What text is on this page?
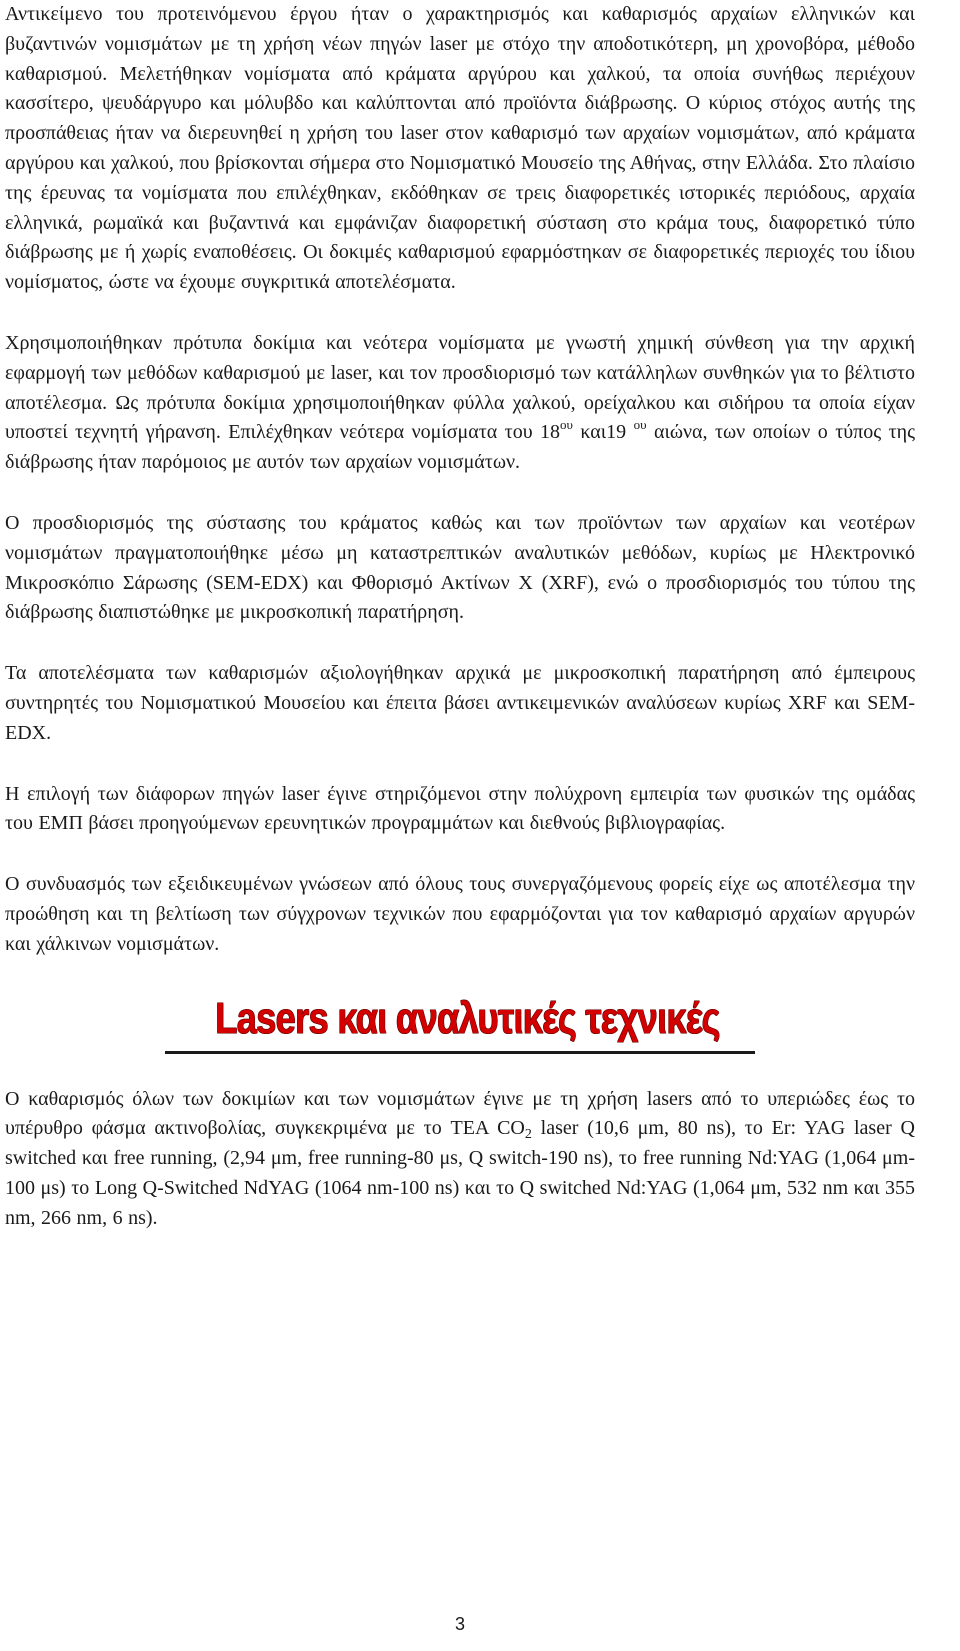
Αντικείμενο του προτεινόμενου έργου ήταν ο χαρακτηρισμός και καθαρισμός αρχαίων ελληνικών και βυζαντινών νομισμάτων με τη χρήση νέων πηγών laser με στόχο την αποδοτικότερη, μη χρονοβόρα, μέθοδο καθαρισμού. Μελετήθηκαν νομίσματα από κράματα αργύρου και χαλκού, τα οποία συνήθως περιέχουν κασσίτερο, ψευδάργυρο και μόλυβδο και καλύπτονται από προϊόντα διάβρωσης. Ο κύριος στόχος αυτής της προσπάθειας ήταν να διερευνηθεί η χρήση του laser στον καθαρισμό των αρχαίων νομισμάτων, από κράματα αργύρου και χαλκού, που βρίσκονται σήμερα στο Νομισματικό Μουσείο της Αθήνας, στην Ελλάδα. Στο πλαίσιο της έρευνας τα νομίσματα που επιλέχθηκαν, εκδόθηκαν σε τρεις διαφορετικές ιστορικές περιόδους, αρχαία ελληνικά, ρωμαϊκά και βυζαντινά και εμφάνιζαν διαφορετική σύσταση στο κράμα τους, διαφορετικό τύπο διάβρωσης με ή χωρίς εναποθέσεις. Οι δοκιμές καθαρισμού εφαρμόστηκαν σε διαφορετικές περιοχές του ίδιου νομίσματος, ώστε να έχουμε συγκριτικά αποτελέσματα.

Χρησιμοποιήθηκαν πρότυπα δοκίμια και νεότερα νομίσματα με γνωστή χημική σύνθεση για την αρχική εφαρμογή των μεθόδων καθαρισμού με laser, και τον προσδιορισμό των κατάλληλων συνθηκών για το βέλτιστο αποτέλεσμα. Ως πρότυπα δοκίμια χρησιμοποιήθηκαν φύλλα χαλκού, ορείχαλκου και σιδήρου τα οποία είχαν υποστεί τεχνητή γήρανση. Επιλέχθηκαν νεότερα νομίσματα του $18^{o\upsilon}$ και19 $^{o\upsilon}$ αιώνα, των οποίων ο τύπος της διάβρωσης ήταν παρόμοιος με αυτόν των αρχαίων νομισμάτων.

Ο προσδιορισμός της σύστασης του κράματος καθώς και των προϊόντων των αρχαίων και νεοτέρων νομισμάτων πραγματοποιήθηκε μέσω μη καταστρεπτικών αναλυτικών μεθόδων, κυρίως με Ηλεκτρονικό Μικροσκόπιο Σάρωσης (SEM-EDX) και Φθορισμό Ακτίνων Χ (XRF), ενώ ο προσδιορισμός του τύπου της διάβρωσης διαπιστώθηκε με μικροσκοπική παρατήρηση.

Τα αποτελέσματα των καθαρισμών αξιολογήθηκαν αρχικά με μικροσκοπική παρατήρηση από έμπειρους συντηρητές του Νομισματικού Μουσείου και έπειτα βάσει αντικειμενικών αναλύσεων κυρίως XRF και SEM-EDX.

Η επιλογή των διάφορων πηγών laser έγινε στηριζόμενοι στην πολύχρονη εμπειρία των φυσικών της ομάδας του ΕΜΠ βάσει προηγούμενων ερευνητικών προγραμμάτων και διεθνούς βιβλιογραφίας.

Ο συνδυασμός των εξειδικευμένων γνώσεων από όλους τους συνεργαζόμενους φορείς είχε ως αποτέλεσμα την προώθηση και τη βελτίωση των σύγχρονων τεχνικών που εφαρμόζονται για τον καθαρισμό αρχαίων αργυρών και χάλκινων νομισμάτων.

Lasers και αναλυτικές τεχνικές

Ο καθαρισμός όλων των δοκιμίων και των νομισμάτων έγινε με τη χρήση lasers από το υπεριώδες έως το υπέρυθρο φάσμα ακτινοβολίας, συγκεκριμένα με το TEA $CO_2$ laser (10,6 μm, 80 ns), το Er: YAG laser Q switched και free running, (2,94 μm, free running-80 μs, Q switch-190 ns), το free running Nd:YAG (1,064 μm-100 μs) το Long Q-Switched NdYAG (1064 nm-100 ns) και το Q switched Nd:YAG (1,064 μm, 532 nm και 355 nm, 266 nm, 6 ns).

3
